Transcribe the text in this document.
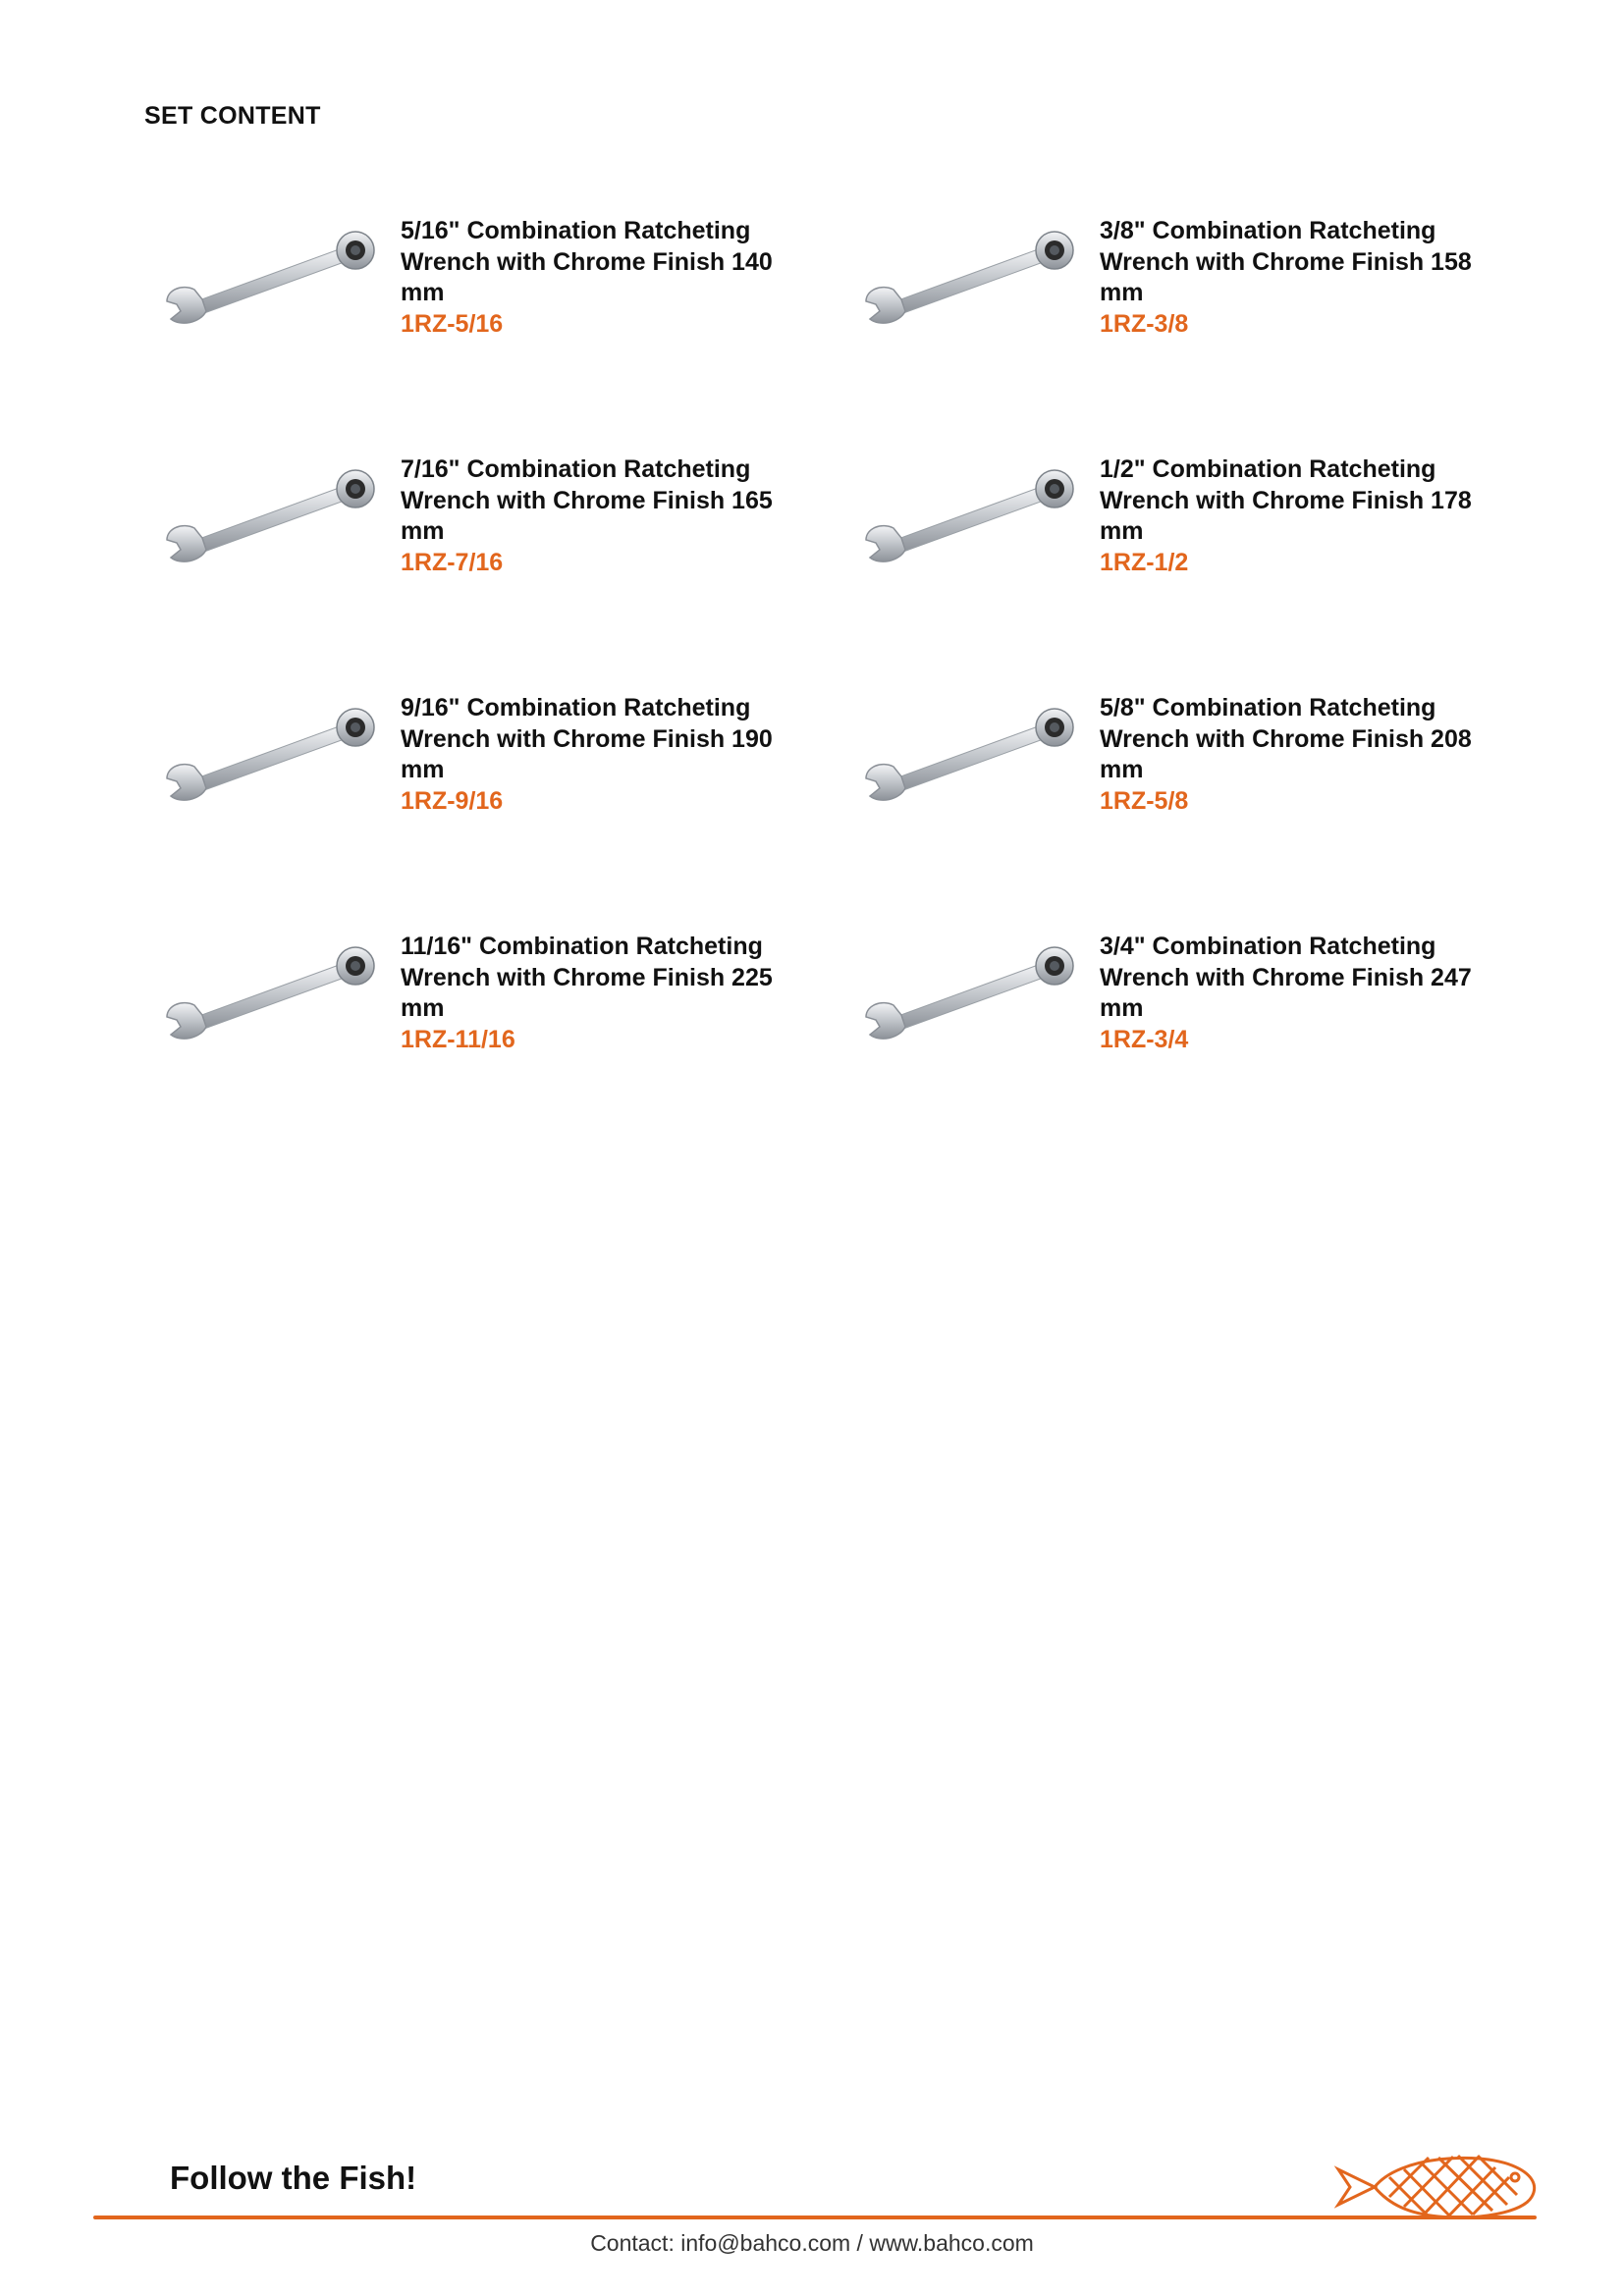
SET CONTENT
5/16" Combination Ratcheting Wrench with Chrome Finish 140 mm
1RZ-5/16
3/8" Combination Ratcheting Wrench with Chrome Finish 158 mm
1RZ-3/8
7/16" Combination Ratcheting Wrench with Chrome Finish 165 mm
1RZ-7/16
1/2" Combination Ratcheting Wrench with Chrome Finish 178 mm
1RZ-1/2
9/16" Combination Ratcheting Wrench with Chrome Finish 190 mm
1RZ-9/16
5/8" Combination Ratcheting Wrench with Chrome Finish 208 mm
1RZ-5/8
11/16" Combination Ratcheting Wrench with Chrome Finish 225 mm
1RZ-11/16
3/4" Combination Ratcheting Wrench with Chrome Finish 247 mm
1RZ-3/4
Follow the Fish!
Contact: info@bahco.com / www.bahco.com
